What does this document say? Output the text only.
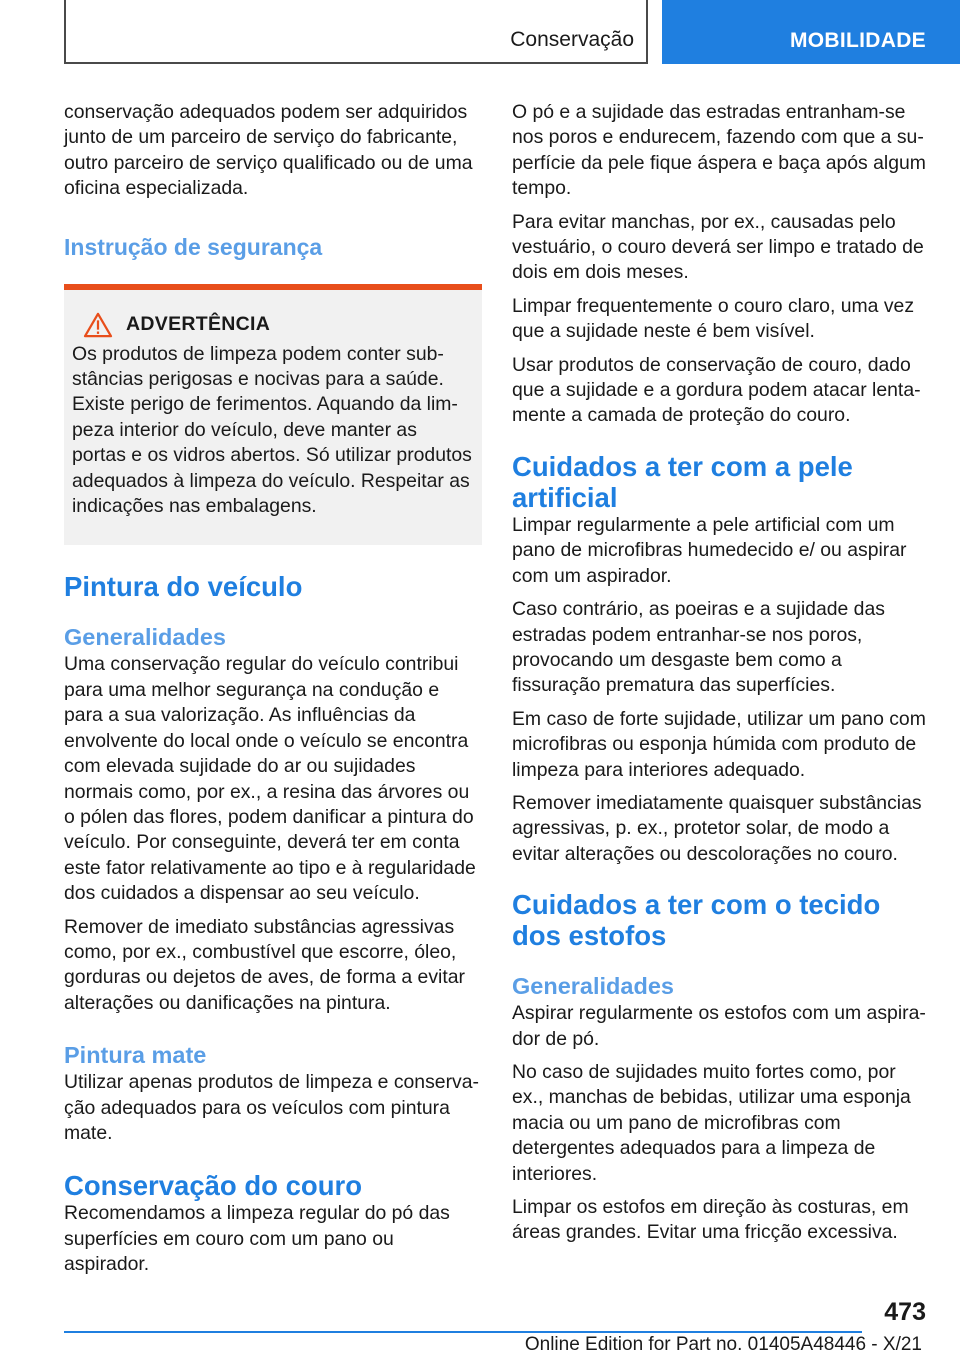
Conservação	MOBILIDADE

conservação adequados podem ser adquiridos junto de um parceiro de serviço do fabricante, outro parceiro de serviço qualificado ou de uma oficina especializada.

Instrução de segurança
ADVERTÊNCIA

Os produtos de limpeza podem conter substâncias perigosas e nocivas para a saúde. Existe perigo de ferimentos. Aquando da limpeza interior do veículo, deve manter as portas e os vidros abertos. Só utilizar produtos adequados à limpeza do veículo. Respeitar as indicações nas embalagens.

Pintura do veículo
Generalidades

Uma conservação regular do veículo contribui para uma melhor segurança na condução e para a sua valorização. As influências da envolvente do local onde o veículo se encontra com elevada sujidade do ar ou sujidades normais como, por ex., a resina das árvores ou o pólen das flores, podem danificar a pintura do veículo. Por conseguinte, deverá ter em conta este fator relativamente ao tipo e à regularidade dos cuidados a dispensar ao seu veículo.

Remover de imediato substâncias agressivas como, por ex., combustível que escorre, óleo, gorduras ou dejetos de aves, de forma a evitar alterações ou danificações na pintura.

Pintura mate

Utilizar apenas produtos de limpeza e conservação adequados para os veículos com pintura mate.

Conservação do couro

Recomendamos a limpeza regular do pó das superfícies em couro com um pano ou aspirador.

O pó e a sujidade das estradas entranham-se nos poros e endurecem, fazendo com que a superfície da pele fique áspera e baça após algum tempo.

Para evitar manchas, por ex., causadas pelo vestuário, o couro deverá ser limpo e tratado de dois em dois meses.

Limpar frequentemente o couro claro, uma vez que a sujidade neste é bem visível.

Usar produtos de conservação de couro, dado que a sujidade e a gordura podem atacar lentamente a camada de proteção do couro.

Cuidados a ter com a pele artificial

Limpar regularmente a pele artificial com um pano de microfibras humedecido e/ ou aspirar com um aspirador.

Caso contrário, as poeiras e a sujidade das estradas podem entranhar-se nos poros, provocando um desgaste bem como a fissuração prematura das superfícies.

Em caso de forte sujidade, utilizar um pano com microfibras ou esponja húmida com produto de limpeza para interiores adequado.

Remover imediatamente quaisquer substâncias agressivas, p. ex., protetor solar, de modo a evitar alterações ou descolorações no couro.

Cuidados a ter com o tecido dos estofos
Generalidades

Aspirar regularmente os estofos com um aspirador de pó.

No caso de sujidades muito fortes como, por ex., manchas de bebidas, utilizar uma esponja macia ou um pano de microfibras com detergentes adequados para a limpeza de interiores.

Limpar os estofos em direção às costuras, em áreas grandes. Evitar uma fricção excessiva.

473
Online Edition for Part no. 01405A48446 - X/21
